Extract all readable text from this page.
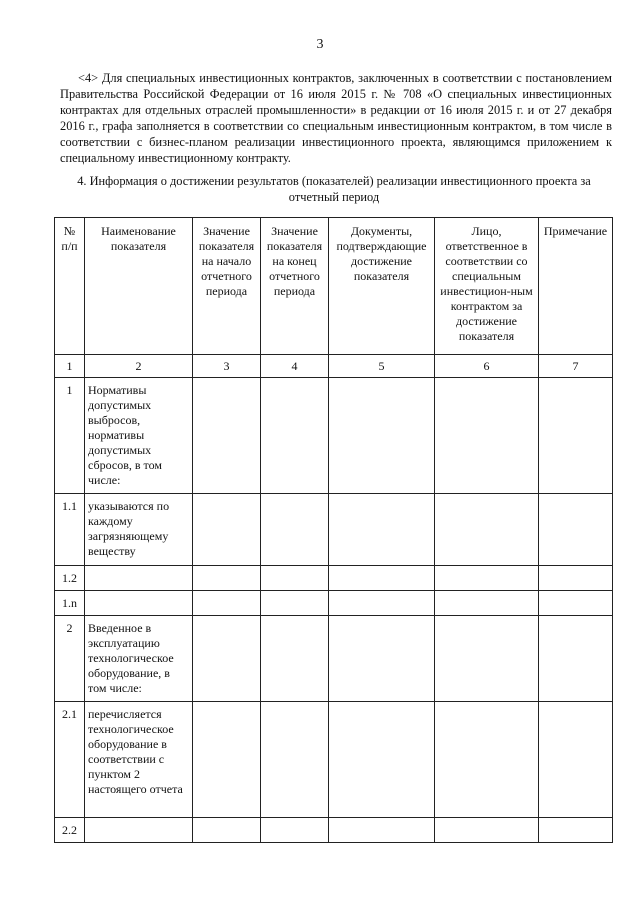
3

<4> Для специальных инвестиционных контрактов, заключенных в соответствии с постановлением Правительства Российской Федерации от 16 июля 2015 г. № 708 «О специальных инвестиционных контрактах для отдельных отраслей промышленности» в редакции от 16 июля 2015 г. и от 27 декабря 2016 г., графа заполняется в соответствии со специальным инвестиционным контрактом, в том числе в соответствии с бизнес-планом реализации инвестиционного проекта, являющимся приложением к специальному инвестиционному контракту.

4. Информация о достижении результатов (показателей) реализации инвестиционного проекта за отчетный период
№ п/п	Наименование показателя	Значение показателя на начало отчетного периода	Значение показателя на конец отчетного периода	Документы, подтверждающие достижение показателя	Лицо, ответственное в соответствии со специальным инвестицион-ным контрактом за достижение показателя	Примечание
1	2	3	4	5	6	7

1	Нормативы допустимых выбросов, нормативы допустимых сбросов, в том числе:					

1.1	указываются по каждому загрязняющему веществу					

1.2						

1.n						

2	Введенное в эксплуатацию технологическое оборудование, в том числе:					

2.1	перечисляется технологическое оборудование в соответствии с пунктом 2 настоящего отчета					

2.2						
